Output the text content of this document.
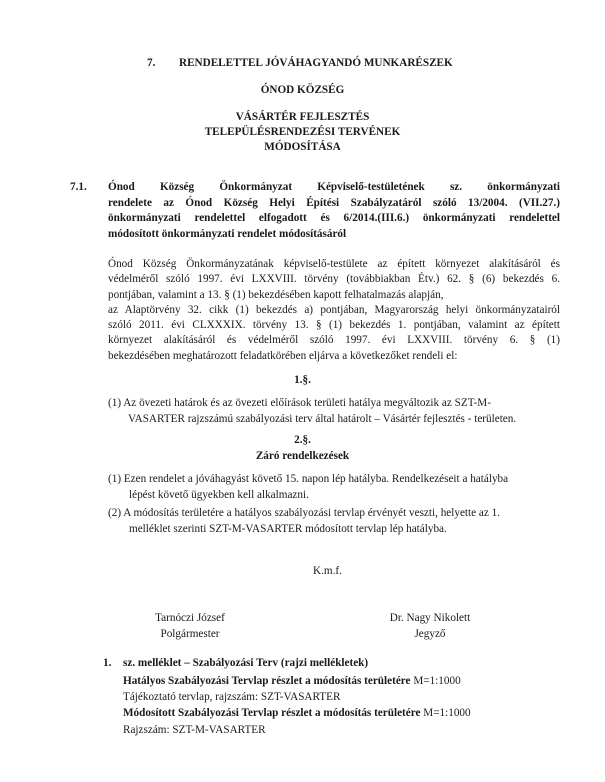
7. RENDELETTEL JÓVÁHAGYANDÓ MUNKARÉSZEK
ÓNOD KÖZSÉG
VÁSÁRTÉR FEJLESZTÉS
TELEPÜLÉSRENDEZÉSI TERVÉNEK
MÓDOSÍTÁSA
7.1. Ónod Község Önkormányzat Képviselő-testületének sz. önkormányzati
rendelete az Ónod Község Helyi Építési Szabályzatáról szóló 13/2004. (VII.27.)
önkormányzati rendelettel elfogadott és 6/2014.(III.6.) önkormányzati rendelettel
módosított önkormányzati rendelet módosításáról
Ónod Község Önkormányzatának képviselő-testülete az épített környezet alakításáról és
védelméről szóló 1997. évi LXXVIII. törvény (továbbiakban Étv.) 62. § (6) bekezdés 6.
pontjában, valamint a 13. § (1) bekezdésében kapott felhatalmazás alapján,
az Alaptörvény 32. cikk (1) bekezdés a) pontjában, Magyarország helyi önkormányzatairól
szóló 2011. évi CLXXXIX. törvény 13. § (1) bekezdés 1. pontjában, valamint az épített
környezet alakításáról és védelméről szóló 1997. évi LXXVIII. törvény 6. § (1)
bekezdésében meghatározott feladatkörében eljárva a következőket rendeli el:
1.§.
(1) Az övezeti határok és az övezeti előírások területi hatálya megváltozik az SZT-M-
VASARTER rajzszámú szabályozási terv által határolt – Vásártér fejlesztés - területen.
2.§.
Záró rendelkezések
(1) Ezen rendelet a jóváhagyást követő 15. napon lép hatályba. Rendelkezéseit a hatályba
lépést követő ügyekben kell alkalmazni.
(2) A módosítás területére a hatályos szabályozási tervlap érvényét veszti, helyette az 1.
melléklet szerinti SZT-M-VASARTER módosított tervlap lép hatályba.
K.m.f.
Tarnóczi József
Polgármester
Dr. Nagy Nikolett
Jegyző
1. sz. melléklet – Szabályozási Terv (rajzi mellékletek)
Hatályos Szabályozási Tervlap részlet a módosítás területére M=1:1000
Tájékoztató tervlap, rajzszám: SZT-VASARTER
Módosított Szabályozási Tervlap részlet a módosítás területére M=1:1000
Rajzszám: SZT-M-VASARTER
